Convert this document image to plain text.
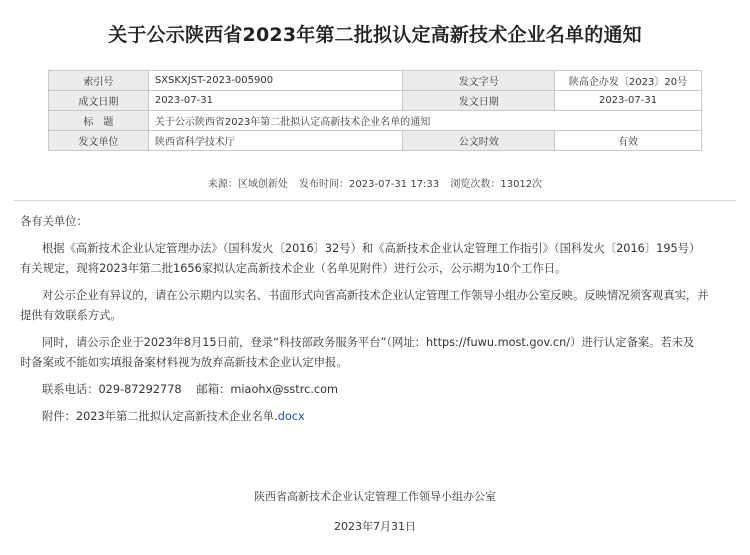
关于公示陕西省2023年第二批拟认定高新技术企业名单的通知
索引号	SXSKXJST-2023-005900	发文字号	陕高企办发〔2023〕20号
成文日期	2023-07-31	发文日期	2023-07-31
标　题	关于公示陕西省2023年第二批拟认定高新技术企业名单的通知		
发文单位	陕西省科学技术厅	公文时效	有效
来源：区域创新处 发布时间：2023-07-31 17:33 浏览次数：13012次

各有关单位：

根据《高新技术企业认定管理办法》（国科发火〔2016〕32号）和《高新技术企业认定管理工作指引》（国科发火〔2016〕195号）

有关规定，现将2023年第二批1656家拟认定高新技术企业（名单见附件）进行公示，公示期为10个工作日。

对公示企业有异议的，请在公示期内以实名、书面形式向省高新技术企业认定管理工作领导小组办公室反映。反映情况须客观真实，并

提供有效联系方式。

同时，请公示企业于2023年8月15日前，登录“科技部政务服务平台”（网址：https://fuwu.most.gov.cn/）进行认定备案。若未及

时备案或不能如实填报备案材料视为放弃高新技术企业认定申报。

联系电话：029-87292778　 邮箱：miaohx@sstrc.com

附件：2023年第二批拟认定高新技术企业名单.docx

陕西省高新技术企业认定管理工作领导小组办公室
2023年7月31日
